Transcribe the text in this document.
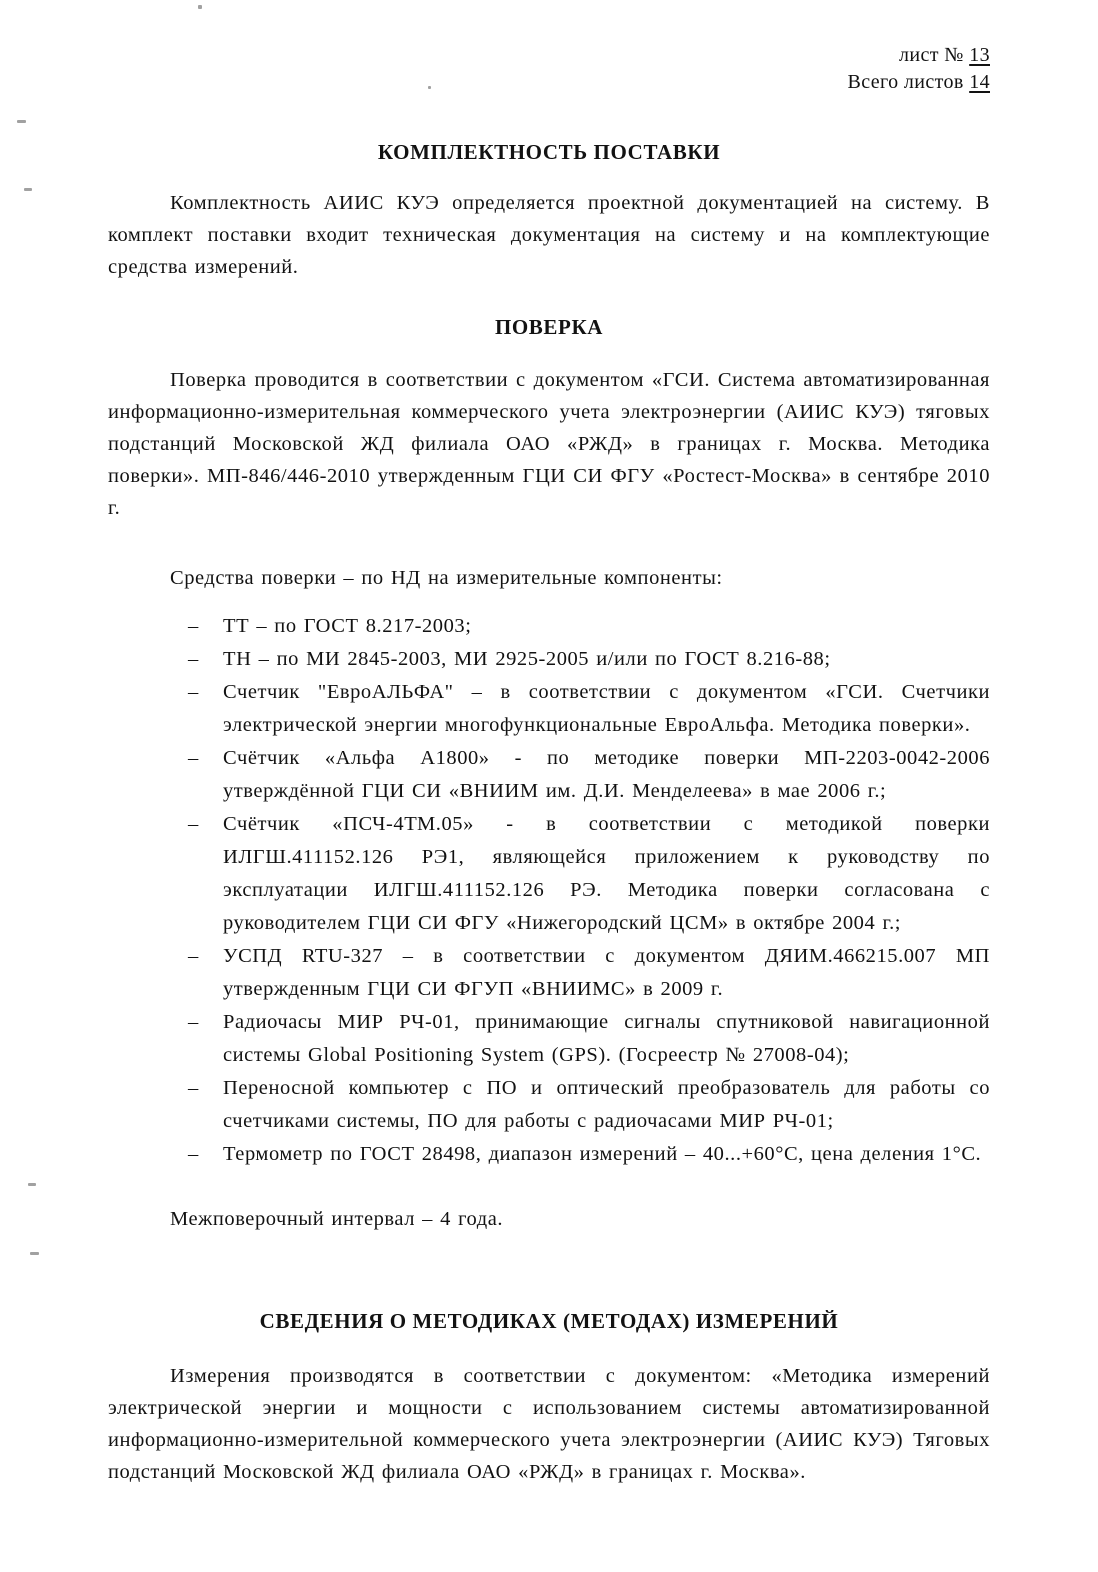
лист № 13
Всего листов 14
КОМПЛЕКТНОСТЬ ПОСТАВКИ

Комплектность АИИС КУЭ определяется проектной документацией на систему. В комплект поставки входит техническая документация на систему и на комплектующие средства измерений.

ПОВЕРКА

Поверка проводится в соответствии с документом «ГСИ. Система автоматизированная информационно-измерительная коммерческого учета электроэнергии (АИИС КУЭ) тяговых подстанций Московской ЖД филиала ОАО «РЖД» в границах г. Москва. Методика поверки». МП-846/446-2010 утвержденным ГЦИ СИ ФГУ «Ростест-Москва» в сентябре 2010 г.

Средства поверки – по НД на измерительные компоненты:

–	ТТ – по ГОСТ 8.217-2003;
–	ТН – по МИ 2845-2003, МИ 2925-2005 и/или по ГОСТ 8.216-88;
–	Счетчик "ЕвроАЛЬФА" – в соответствии с документом «ГСИ. Счетчики электрической энергии многофункциональные ЕвроАльфа. Методика поверки».
–	Счётчик «Альфа А1800» - по методике поверки МП-2203-0042-2006 утверждённой ГЦИ СИ «ВНИИМ им. Д.И. Менделеева» в мае 2006 г.;
–	Счётчик «ПСЧ-4ТМ.05» - в соответствии с методикой поверки ИЛГШ.411152.126 РЭ1, являющейся приложением к руководству по эксплуатации ИЛГШ.411152.126 РЭ. Методика поверки согласована с руководителем ГЦИ СИ ФГУ «Нижегородский ЦСМ» в октябре 2004 г.;
–	УСПД RTU-327 – в соответствии с документом ДЯИМ.466215.007 МП утвержденным ГЦИ СИ ФГУП «ВНИИМС» в 2009 г.
–	Радиочасы МИР РЧ-01, принимающие сигналы спутниковой навигационной системы Global Positioning System (GPS). (Госреестр № 27008-04);
–	Переносной компьютер с ПО и оптический преобразователь для работы со счетчиками системы, ПО для работы с радиочасами МИР РЧ-01;
–	Термометр по ГОСТ 28498, диапазон измерений – 40...+60°С, цена деления 1°С.

Межповерочный интервал – 4 года.

СВЕДЕНИЯ О МЕТОДИКАХ (МЕТОДАХ) ИЗМЕРЕНИЙ

Измерения производятся в соответствии с документом: «Методика измерений электрической энергии и мощности с использованием системы автоматизированной информационно-измерительной коммерческого учета электроэнергии (АИИС КУЭ) Тяговых подстанций Московской ЖД филиала ОАО «РЖД» в границах г. Москва».
